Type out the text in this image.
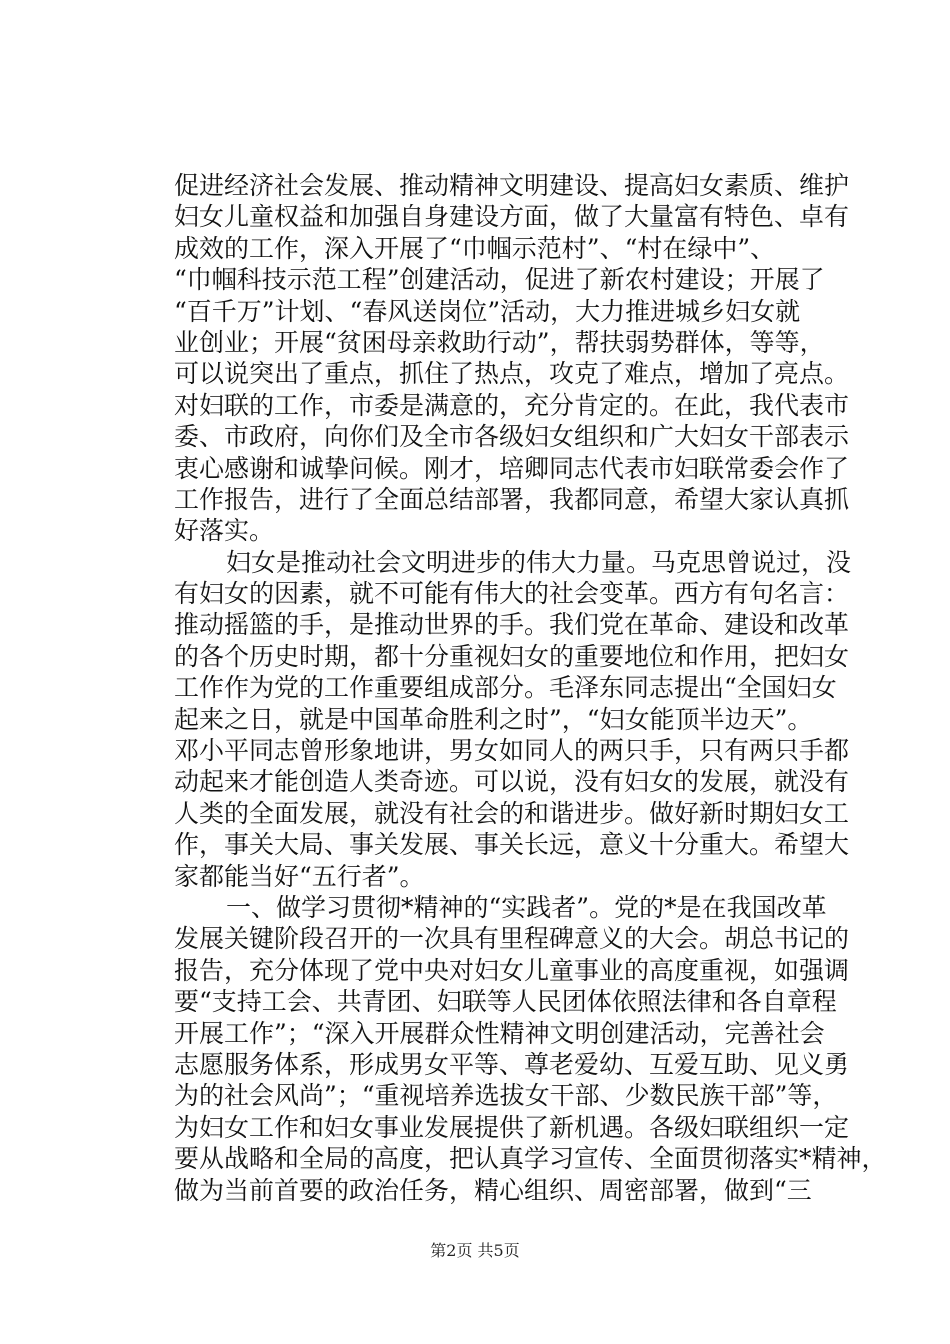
促进经济社会发展、推动精神文明建设、提高妇女素质、维护
妇女儿童权益和加强自身建设方面，做了大量富有特色、卓有
成效的工作，深入开展了“巾帼示范村”、“村在绿中”、
“巾帼科技示范工程”创建活动，促进了新农村建设；开展了
“百千万”计划、“春风送岗位”活动，大力推进城乡妇女就
业创业；开展“贫困母亲救助行动”，帮扶弱势群体，等等，
可以说突出了重点，抓住了热点，攻克了难点，增加了亮点。
对妇联的工作，市委是满意的，充分肯定的。在此，我代表市
委、市政府，向你们及全市各级妇女组织和广大妇女干部表示
衷心感谢和诚挚问候。刚才，培卿同志代表市妇联常委会作了
工作报告，进行了全面总结部署，我都同意，希望大家认真抓
好落实。
妇女是推动社会文明进步的伟大力量。马克思曾说过，没
有妇女的因素，就不可能有伟大的社会变革。西方有句名言：
推动摇篮的手，是推动世界的手。我们党在革命、建设和改革
的各个历史时期，都十分重视妇女的重要地位和作用，把妇女
工作作为党的工作重要组成部分。毛泽东同志提出“全国妇女
起来之日，就是中国革命胜利之时”，“妇女能顶半边天”。
邓小平同志曾形象地讲，男女如同人的两只手，只有两只手都
动起来才能创造人类奇迹。可以说，没有妇女的发展，就没有
人类的全面发展，就没有社会的和谐进步。做好新时期妇女工
作，事关大局、事关发展、事关长远，意义十分重大。希望大
家都能当好“五行者”。
一、做学习贯彻*精神的“实践者”。党的*是在我国改革
发展关键阶段召开的一次具有里程碑意义的大会。胡总书记的
报告，充分体现了党中央对妇女儿童事业的高度重视，如强调
要“支持工会、共青团、妇联等人民团体依照法律和各自章程
开展工作”；“深入开展群众性精神文明创建活动，完善社会
志愿服务体系，形成男女平等、尊老爱幼、互爱互助、见义勇
为的社会风尚”；“重视培养选拔女干部、少数民族干部”等，
为妇女工作和妇女事业发展提供了新机遇。各级妇联组织一定
要从战略和全局的高度，把认真学习宣传、全面贯彻落实*精神，
做为当前首要的政治任务，精心组织、周密部署，做到“三
第2页 共5页
